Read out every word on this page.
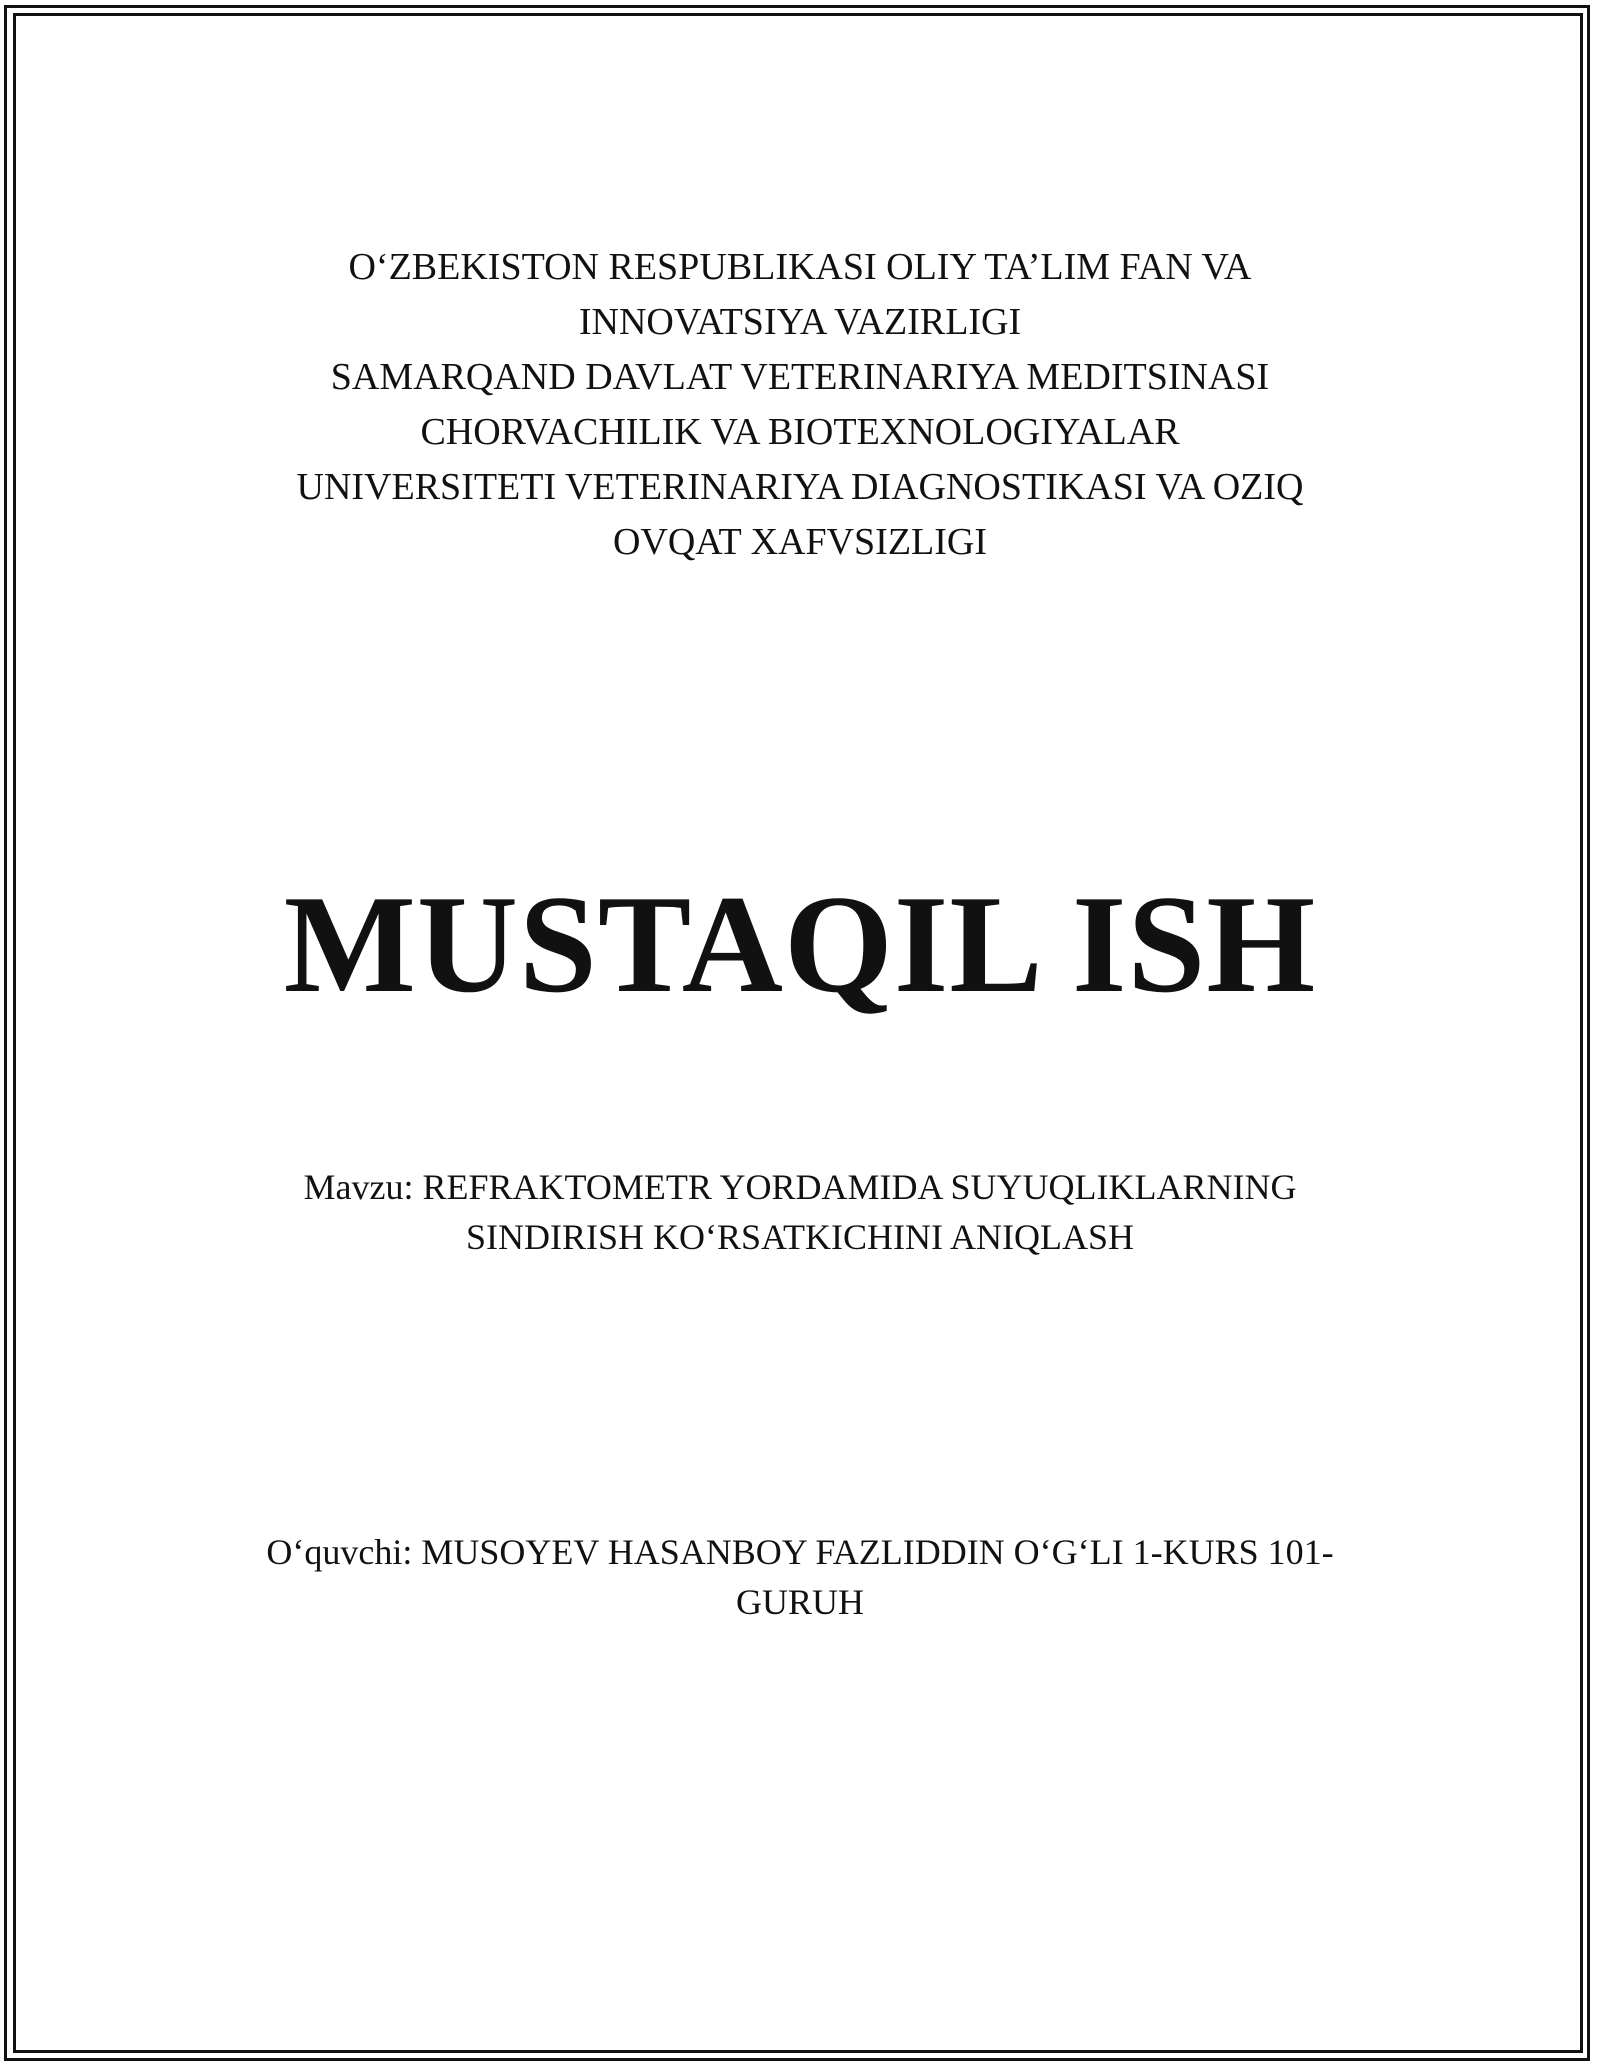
O‘ZBEKISTON RESPUBLIKASI OLIY TA’LIM FAN VA
INNOVATSIYA VAZIRLIGI
SAMARQAND DAVLAT VETERINARIYA MEDITSINASI
CHORVACHILIK VA BIOTEXNOLOGIYALAR
UNIVERSITETI VETERINARIYA DIAGNOSTIKASI VA OZIQ
OVQAT XAFVSIZLIGI
MUSTAQIL ISH
Mavzu: REFRAKTOMETR YORDAMIDA SUYUQLIKLARNING
SINDIRISH KO‘RSATKICHINI ANIQLASH
O‘quvchi: MUSOYEV HASANBOY FAZLIDDIN O‘G‘LI 1-KURS 101-
GURUH
